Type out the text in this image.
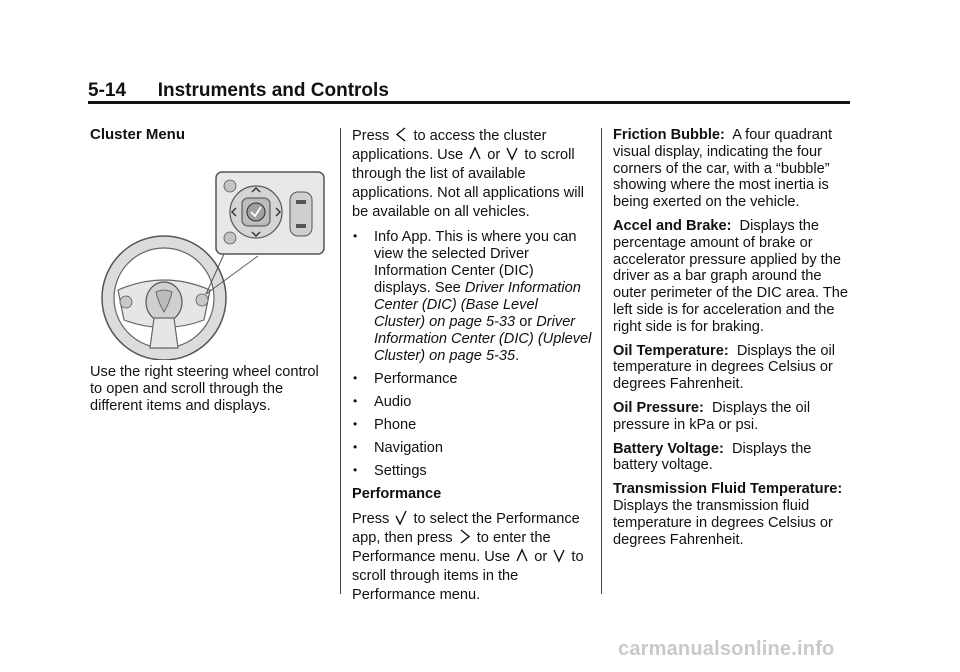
5-14      Instruments and Controls
Cluster Menu
Use the right steering wheel control to open and scroll through the different items and displays.
Press to access the cluster applications. Use or to scroll through the list of available applications. Not all applications will be available on all vehicles.
• Info App. This is where you can view the selected Driver Information Center (DIC) displays. See Driver Information Center (DIC) (Base Level Cluster) on page 5-33 or Driver Information Center (DIC) (Uplevel Cluster) on page 5-35.
• Performance
• Audio
• Phone
• Navigation
• Settings
Performance
Press to select the Performance app, then press to enter the Performance menu. Use or to scroll through items in the Performance menu.
Friction Bubble: A four quadrant visual display, indicating the four corners of the car, with a “bubble” showing where the most inertia is being exerted on the vehicle.
Accel and Brake: Displays the percentage amount of brake or accelerator pressure applied by the driver as a bar graph around the outer perimeter of the DIC area. The left side is for acceleration and the right side is for braking.
Oil Temperature: Displays the oil temperature in degrees Celsius or degrees Fahrenheit.
Oil Pressure: Displays the oil pressure in kPa or psi.
Battery Voltage: Displays the battery voltage.
Transmission Fluid Temperature:  Displays the transmission fluid temperature in degrees Celsius or degrees Fahrenheit.
carmanualsonline.info
